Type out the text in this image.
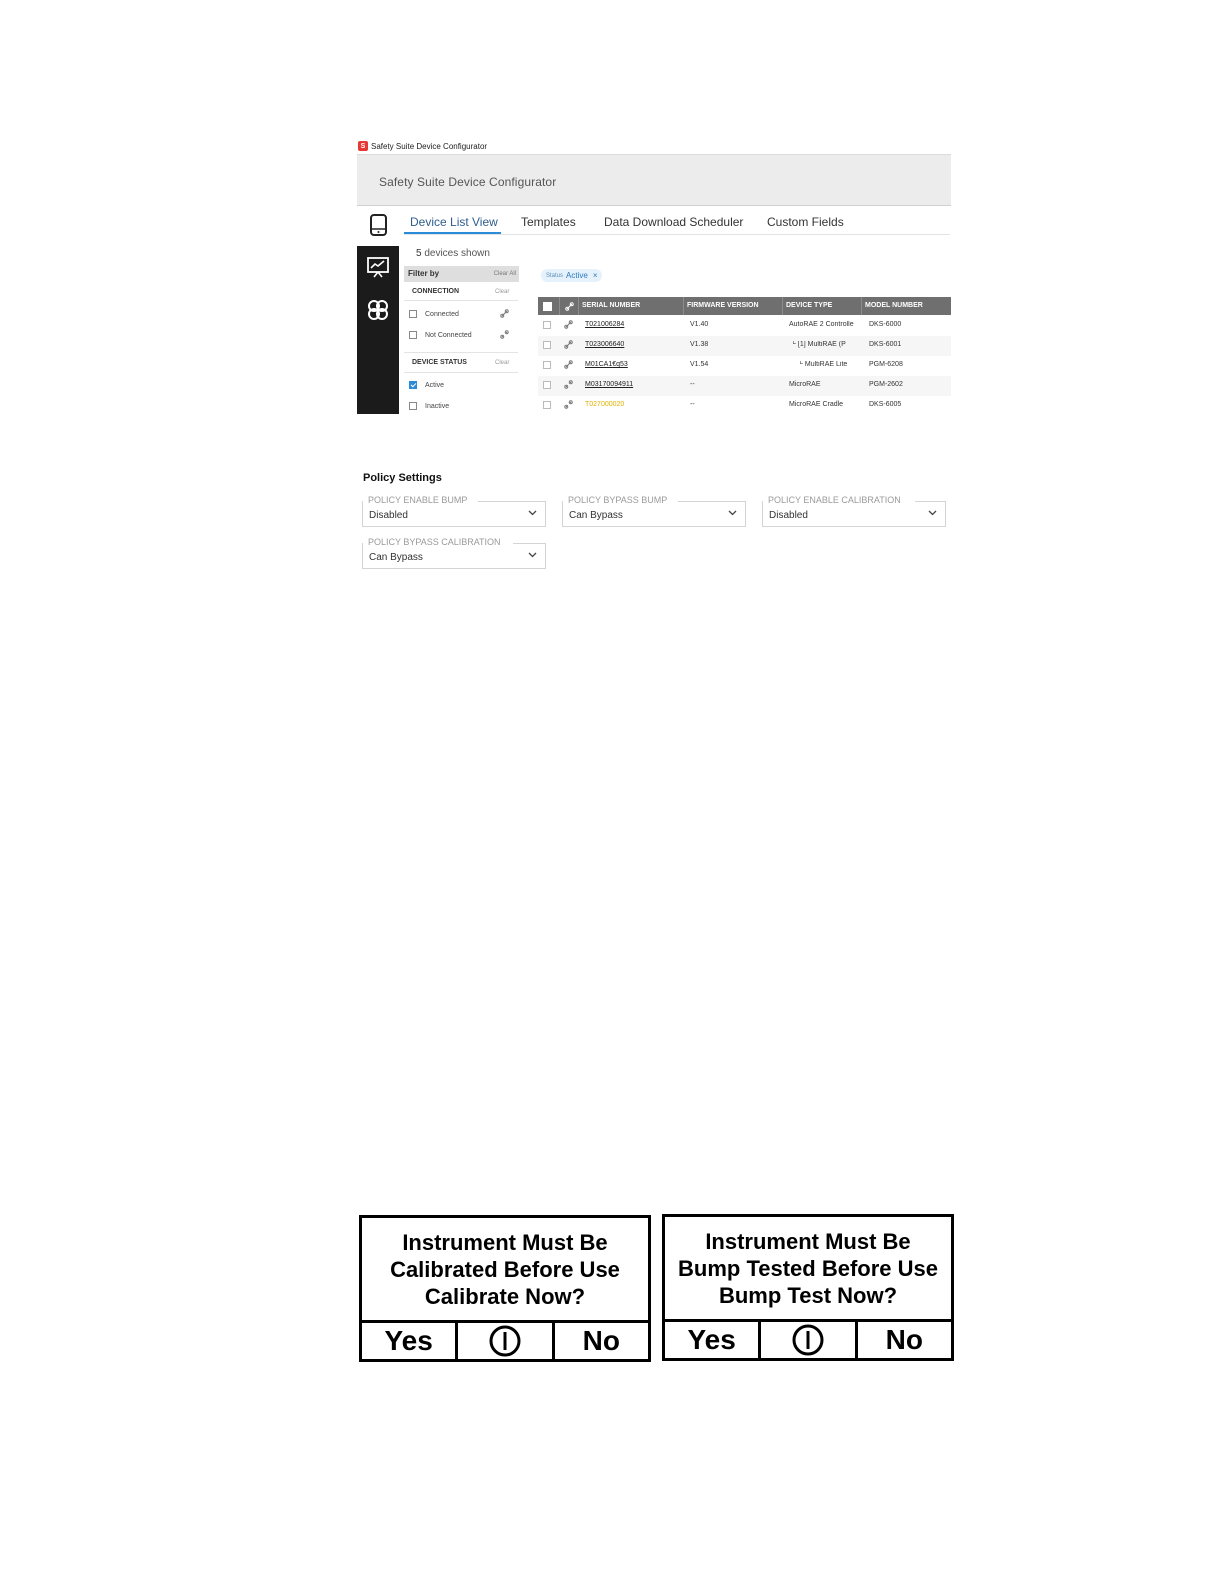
S Safety Suite Device Configurator
Safety Suite Device Configurator
Device List View Templates Data Download Scheduler Custom Fields
5 devices shown
Filter by	Clear All
CONNECTION	Clear
Connected
Not Connected
DEVICE STATUS	Clear
Active
Inactive
Status Active ×
SERIAL NUMBER	FIRMWARE VERSION	DEVICE TYPE	MODEL NUMBER
T021006284	V1.40	AutoRAE 2 Controlle	DKS-6000
T023006640	V1.38	└ [1] MultiRAE (P	DKS-6001
M01CA1€q53	V1.54	└ MultiRAE Lite	PGM-6208
M03170094911	--	MicroRAE	PGM-2602
T027000020	--	MicroRAE Cradle	DKS-6005
Policy Settings
POLICY ENABLE BUMP
Disabled
POLICY BYPASS BUMP
Can Bypass
POLICY ENABLE CALIBRATION
Disabled
POLICY BYPASS CALIBRATION
Can Bypass
Instrument Must Be
Calibrated Before Use
Calibrate Now?
Yes	No
Instrument Must Be
Bump Tested Before Use
Bump Test Now?
Yes	No
